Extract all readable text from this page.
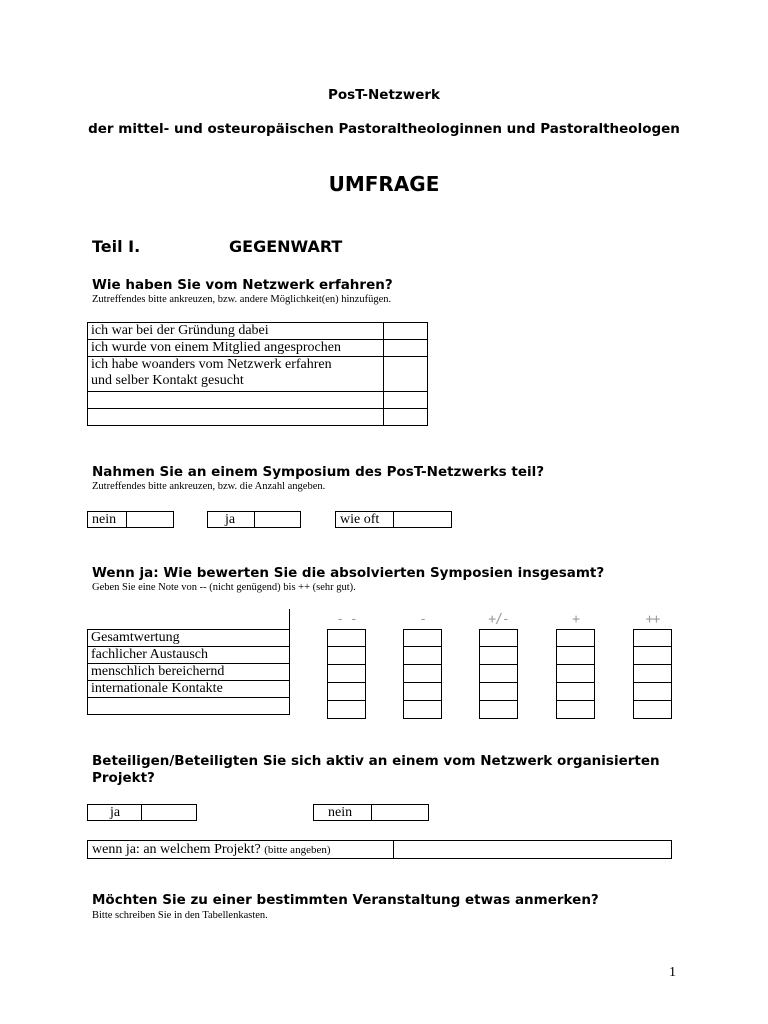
PosT-Netzwerk
der mittel- und osteuropäischen Pastoraltheologinnen und Pastoraltheologen
UMFRAGE
Teil I.	GEGENWART
Wie haben Sie vom Netzwerk erfahren?
Zutreffendes bitte ankreuzen, bzw. andere Möglichkeit(en) hinzufügen.
ich war bei der Gründung dabei	
ich wurde von einem Mitglied angesprochen	
ich habe woanders vom Netzwerk erfahren
und selber Kontakt gesucht	

Nahmen Sie an einem Symposium des PosT-Netzwerks teil?
Zutreffendes bitte ankreuzen, bzw. die Anzahl angeben.
nein	ja	wie oft
Wenn ja: Wie bewerten Sie die absolvierten Symposien insgesamt?
Geben Sie eine Note von -- (nicht genügend) bis ++ (sehr gut).
- -	-	+/-	+	++
Gesamtwertung
fachlicher Austausch
menschlich bereichernd
internationale Kontakte

Beteiligen/Beteiligten Sie sich aktiv an einem vom Netzwerk organisierten
Projekt?
ja	nein
wenn ja: an welchem Projekt? (bitte angeben)
Möchten Sie zu einer bestimmten Veranstaltung etwas anmerken?
Bitte schreiben Sie in den Tabellenkasten.
1
